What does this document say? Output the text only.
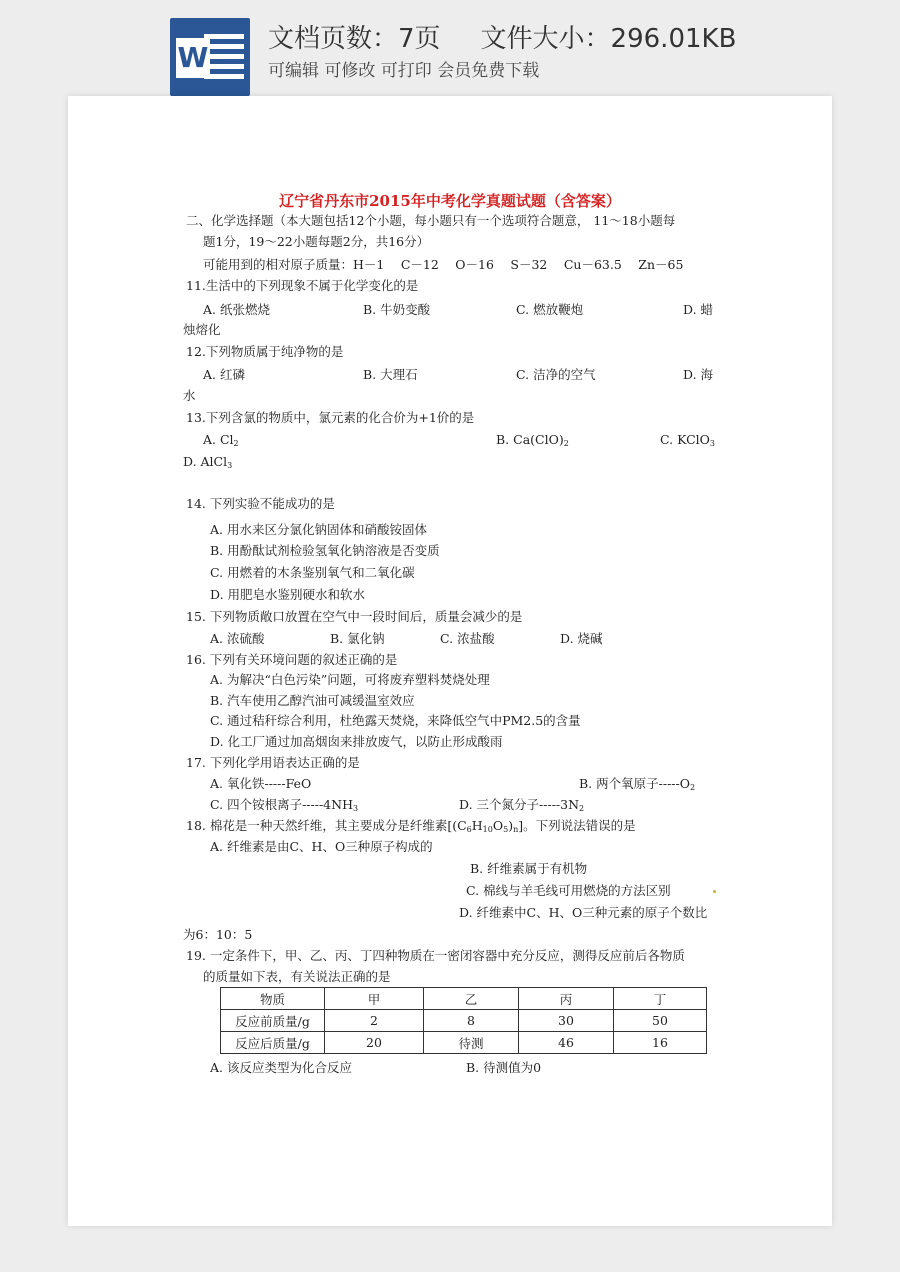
W
文档页数：7页 文件大小：296.01KB
可编辑 可修改 可打印 会员免费下载
辽宁省丹东市2015年中考化学真题试题（含答案）
二、化学选择题（本大题包括12个小题，每小题只有一个选项符合题意， 11～18小题每
题1分，19～22小题每题2分，共16分）
可能用到的相对原子质量：H－1　 C－12　 O－16　 S－32　 Cu－63.5　 Zn－65
11.生活中的下列现象不属于化学变化的是
A. 纸张燃烧	B. 牛奶变酸	C. 燃放鞭炮	D. 蜡
烛熔化
12.下列物质属于纯净物的是
A. 红磷	B. 大理石	C. 洁净的空气	D. 海
水
13.下列含氯的物质中，氯元素的化合价为+1价的是
A. $Cl_2$	B. $Ca(ClO)_2$	C. KClO$_3$
D. AlCl$_3$
14. 下列实验不能成功的是
A. 用水来区分氯化钠固体和硝酸铵固体
B. 用酚酞试剂检验氢氧化钠溶液是否变质
C. 用燃着的木条鉴别氧气和二氧化碳
D. 用肥皂水鉴别硬水和软水
15. 下列物质敞口放置在空气中一段时间后，质量会减少的是
A. 浓硫酸	B. 氯化钠	C. 浓盐酸	D. 烧碱
16. 下列有关环境问题的叙述正确的是
A. 为解决“白色污染”问题，可将废弃塑料焚烧处理
B. 汽车使用乙醇汽油可减缓温室效应
C. 通过秸秆综合利用，杜绝露天焚烧，来降低空气中PM2.5的含量
D. 化工厂通过加高烟囱来排放废气，以防止形成酸雨
17. 下列化学用语表达正确的是
A. 氧化铁-----FeO	B. 两个氧原子$-----O_2$
C. 四个铵根离子$-----4NH_3$	D. 三个氮分子$-----3N_2$
18. 棉花是一种天然纤维，其主要成分是纤维素$[(C_6H_{10}O_5)_n]$。下列说法错误的是
A. 纤维素是由C、H、O三种原子构成的
B. 纤维素属于有机物
C. 棉线与羊毛线可用燃烧的方法区别
D. 纤维素中C、H、O三种元素的原子个数比
为6：10：5
19. 一定条件下，甲、乙、丙、丁四种物质在一密闭容器中充分反应，测得反应前后各物质
的质量如下表，有关说法正确的是
物质	甲	乙	丙	丁
反应前质量/g	2	8	30	50
反应后质量/g	20	待测	46	16
A. 该反应类型为化合反应	B. 待测值为0
